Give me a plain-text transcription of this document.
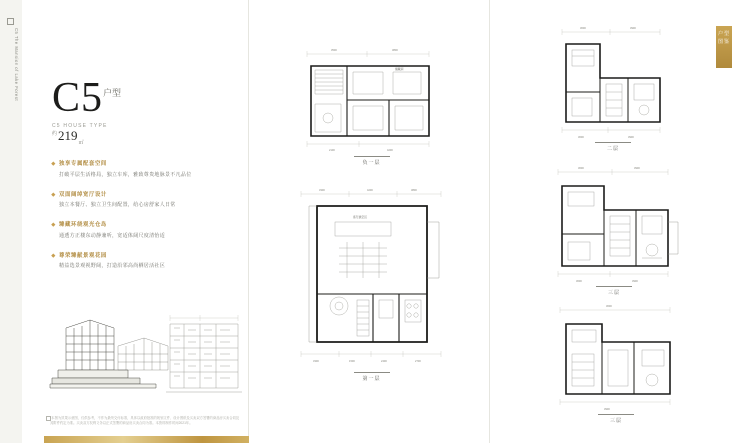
C5 The Mansion of Lake Forest $C5^{户型}$
C5 HOUSE TYPE
$^约219_㎡$
独享专属配套空间
打破平层生活格局，独立车库，雅致尊贵地脉景不凡品位
双面阔绰宽厅设计
独立本餐厅、独立卫生间配置，给心房舒家人日常
臻藏环绕观光仓岛
通透方正楼东动静兼听，宽适体阔尺度清怡适
尊荣臻献景观花园
精益选景观视野阔，打造沿邻高尚栖居活社区
*本图为效果示意图，仅供参考，不作为最终交付标准，具体以政府批准的规划文件、设计图纸及买卖双方签署的商品房买卖合同及其附件约定为准。买卖双方权利义务以正式签署的商品房买卖合同为准。本资料制作时间2021年。
3500	3800
储藏间
2100	4200
负一层
3300	4200	3800
客厅挑空区
3300	1500	2400	2700
第一层
户型图鉴
3600	3900
3600	3900
二层
3600	3900
3600	3900
三层
3600
3900
三层
